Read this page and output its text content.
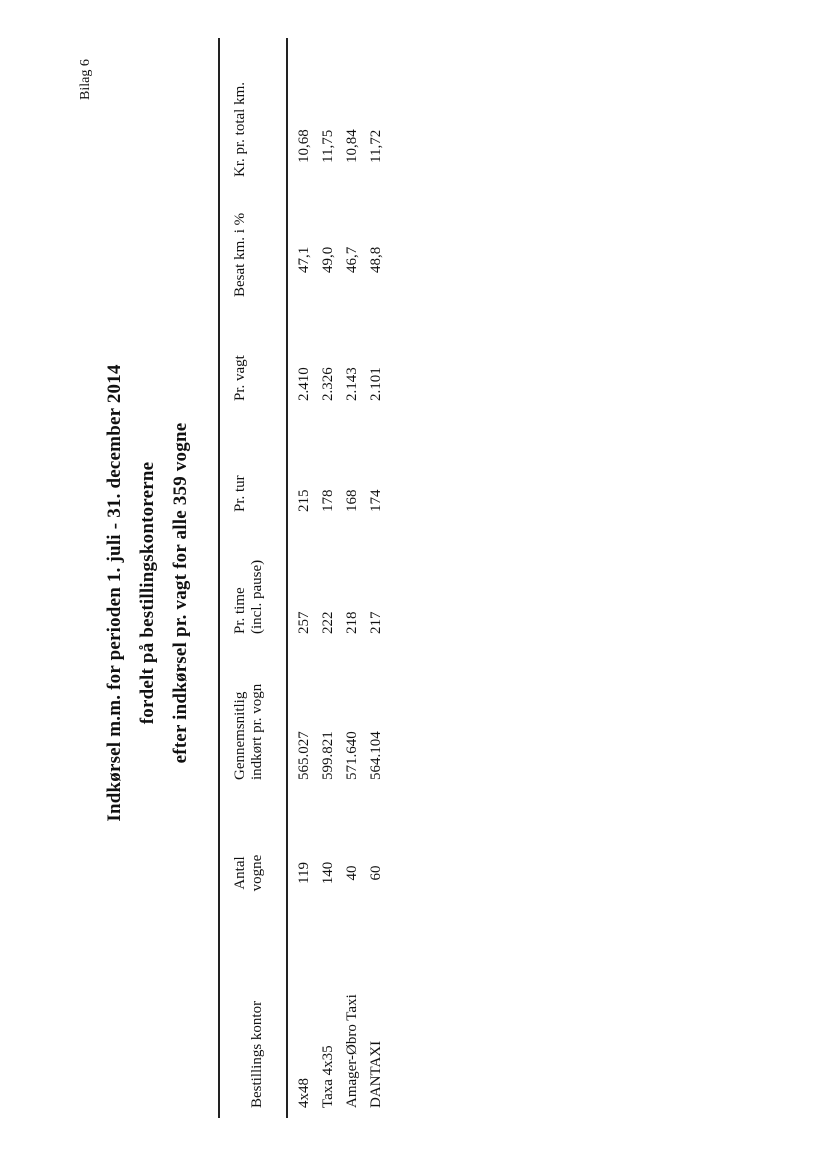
Bilag 6
Indkørsel m.m. for perioden 1. juli - 31. december 2014 fordelt på bestillingskontorerne efter indkørsel pr. vagt for alle 359 vogne
Bestillings kontor
Antal vogne
Gennemsnitlig indkørt pr. vogn
Pr. time (incl. pause)
Pr. tur
Pr. vagt
Besat km. i %
Kr. pr. total km.
4x48
119
565.027
257
215
2.410
47,1
10,68
Taxa 4x35
140
599.821
222
178
2.326
49,0
11,75
Amager-Øbro Taxi
40
571.640
218
168
2.143
46,7
10,84
DANTAXI
60
564.104
217
174
2.101
48,8
11,72
